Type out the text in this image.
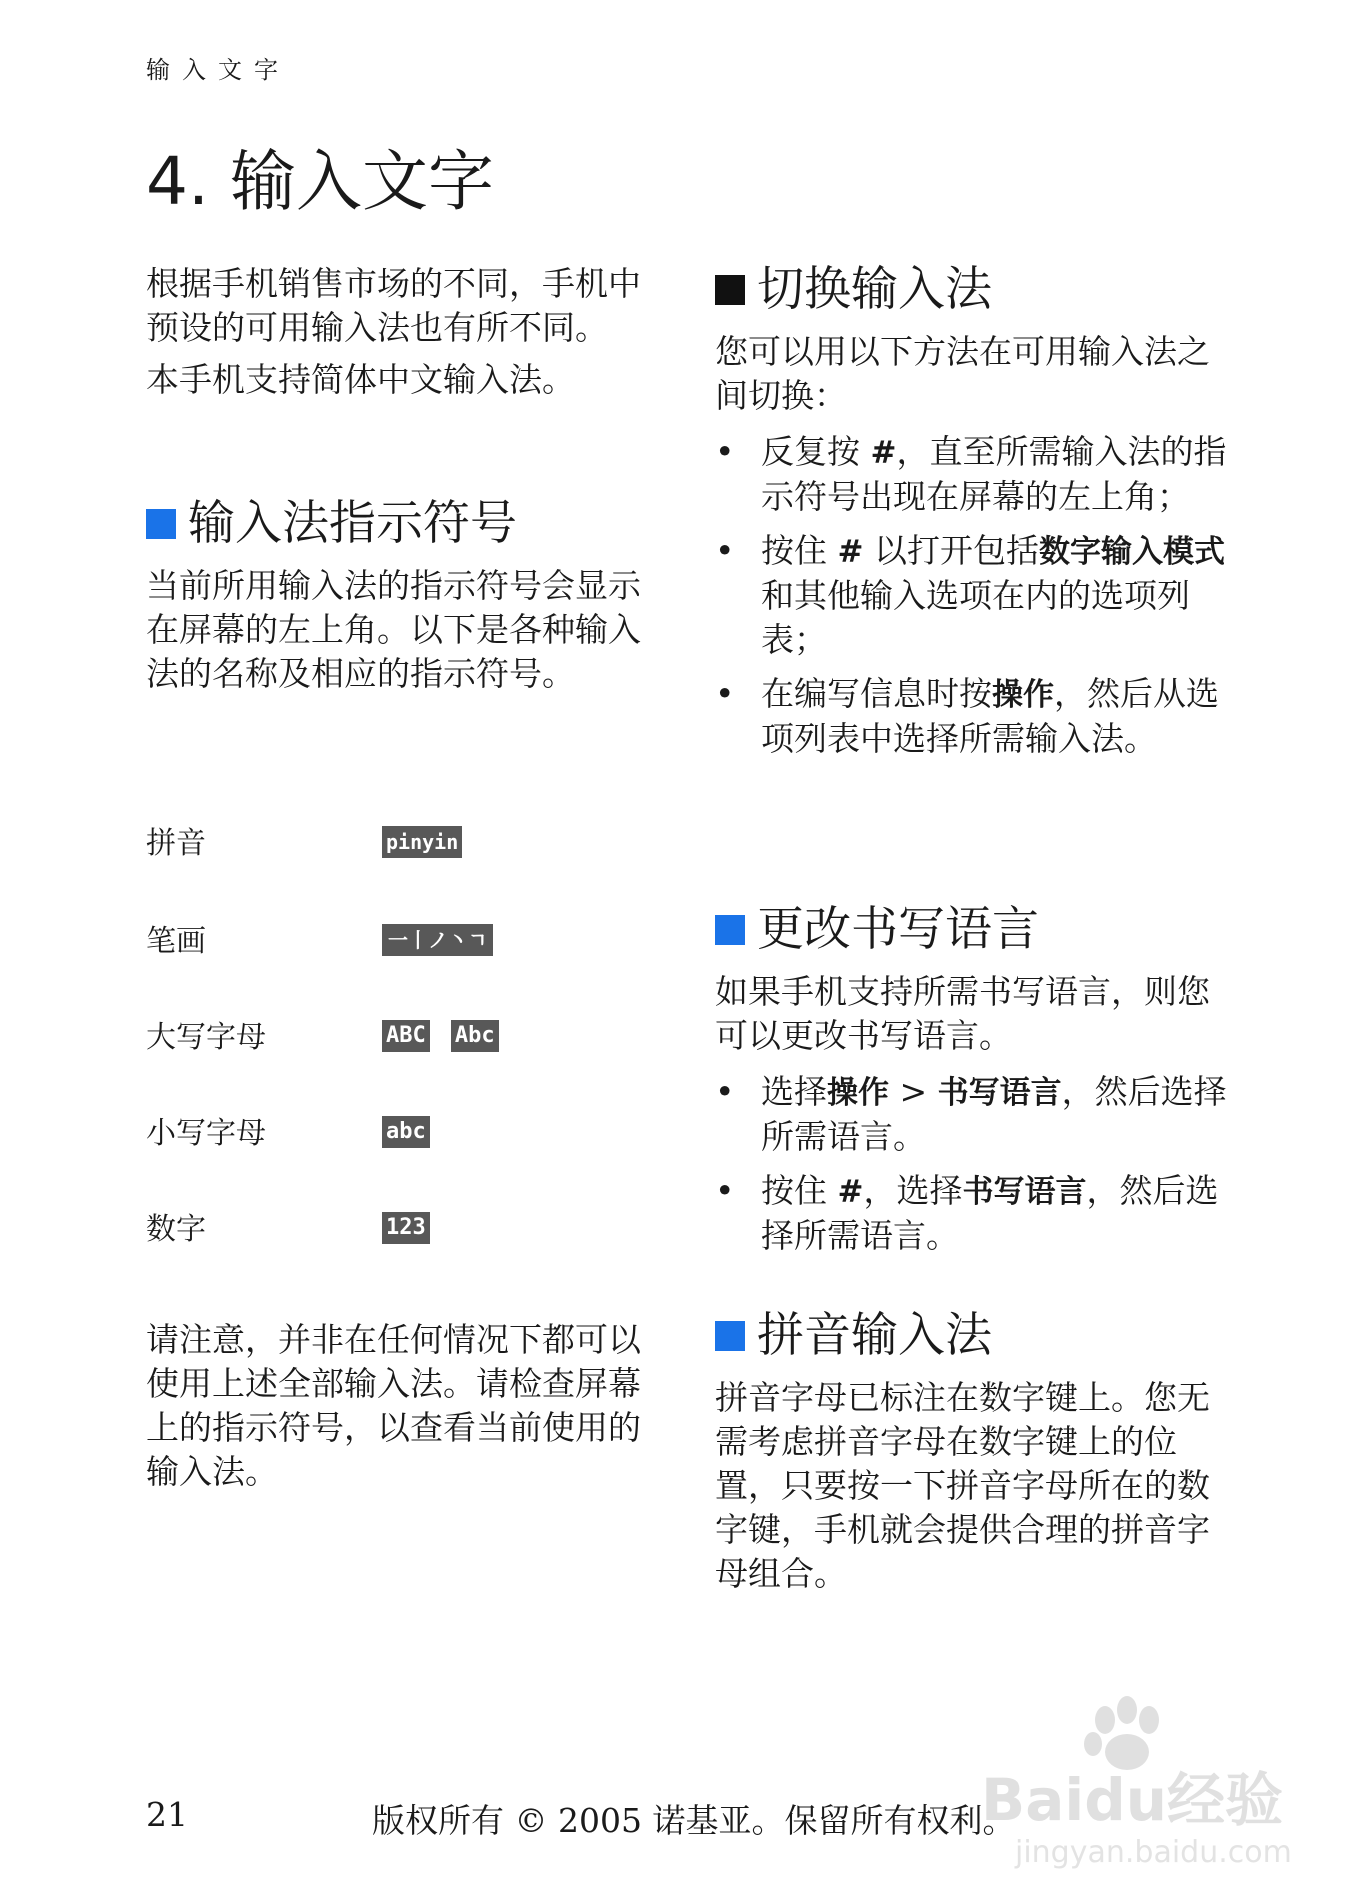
输入文字
4. 输入文字

根据手机销售市场的不同，手机中预设的可用输入法也有所不同。

本手机支持简体中文输入法。

输入法指示符号

当前所用输入法的指示符号会显示在屏幕的左上角。以下是各种输入法的名称及相应的指示符号。

拼音	pinyin
笔画	一丨ノ丶ㄱ
大写字母	ABC Abc
小写字母	abc
数字	123

请注意，并非在任何情况下都可以使用上述全部输入法。请检查屏幕上的指示符号，以查看当前使用的输入法。

切换输入法

您可以用以下方法在可用输入法之间切换：

• 反复按 #，直至所需输入法的指示符号出现在屏幕的左上角；
• 按住 # 以打开包括数字输入模式和其他输入选项在内的选项列表；
• 在编写信息时按操作，然后从选项列表中选择所需输入法。
更改书写语言

如果手机支持所需书写语言，则您可以更改书写语言。

• 选择操作 > 书写语言，然后选择所需语言。
• 按住 #，选择书写语言，然后选择所需语言。
拼音输入法

拼音字母已标注在数字键上。您无需考虑拼音字母在数字键上的位置，只要按一下拼音字母所在的数字键，手机就会提供合理的拼音字母组合。

21	版权所有 © 2005 诺基亚。保留所有权利。
Baidu经验
jingyan.baidu.com
